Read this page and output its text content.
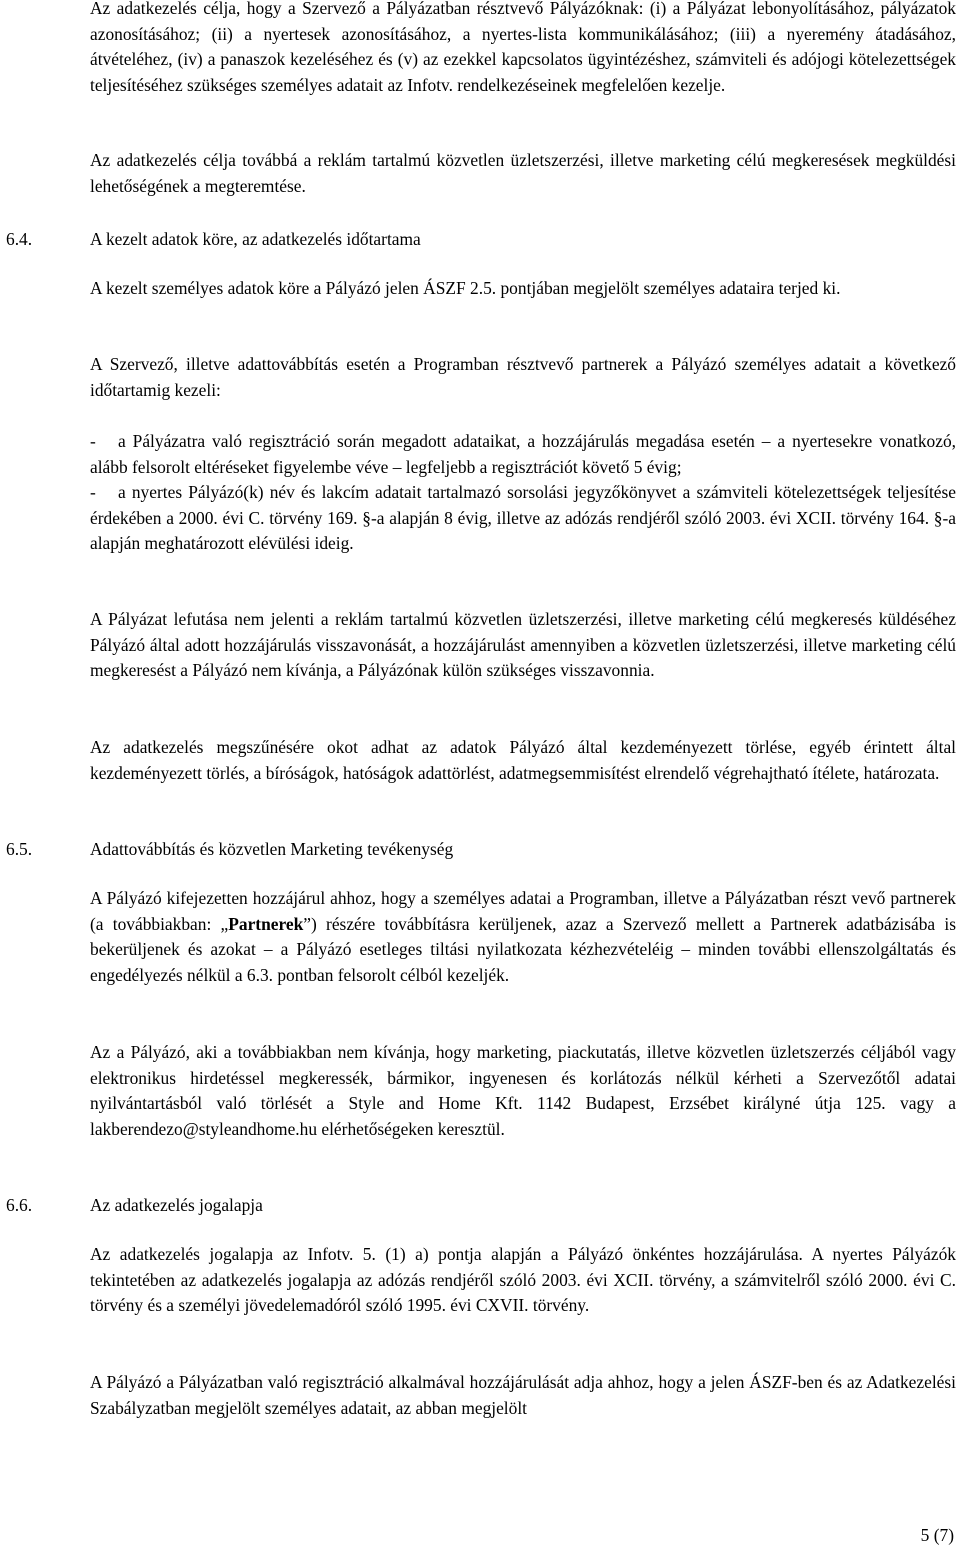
Az adatkezelés célja, hogy a Szervező a Pályázatban résztvevő Pályázóknak: (i) a Pályázat lebonyolításához, pályázatok azonosításához; (ii) a nyertesek azonosításához, a nyertes-lista kommunikálásához; (iii) a nyeremény átadásához, átvételéhez, (iv) a panaszok kezeléséhez és (v) az ezekkel kapcsolatos ügyintézéshez, számviteli és adójogi kötelezettségek teljesítéséhez szükséges személyes adatait az Infotv. rendelkezéseinek megfelelően kezelje.

Az adatkezelés célja továbbá a reklám tartalmú közvetlen üzletszerzési, illetve marketing célú megkeresések megküldési lehetőségének a megteremtése.

6.4.	A kezelt adatok köre, az adatkezelés időtartama

A kezelt személyes adatok köre a Pályázó jelen ÁSZF 2.5. pontjában megjelölt személyes adataira terjed ki.

A Szervező, illetve adattovábbítás esetén a Programban résztvevő partnerek a Pályázó személyes adatait a következő időtartamig kezeli:

- a Pályázatra való regisztráció során megadott adataikat, a hozzájárulás megadása esetén – a nyertesekre vonatkozó, alább felsorolt eltéréseket figyelembe véve – legfeljebb a regisztrációt követő 5 évig;
- a nyertes Pályázó(k) név és lakcím adatait tartalmazó sorsolási jegyzőkönyvet a számviteli kötelezettségek teljesítése érdekében a 2000. évi C. törvény 169. §-a alapján 8 évig, illetve az adózás rendjéről szóló 2003. évi XCII. törvény 164. §-a alapján meghatározott elévülési ideig.

A Pályázat lefutása nem jelenti a reklám tartalmú közvetlen üzletszerzési, illetve marketing célú megkeresés küldéséhez Pályázó által adott hozzájárulás visszavonását, a hozzájárulást amennyiben a közvetlen üzletszerzési, illetve marketing célú megkeresést a Pályázó nem kívánja, a Pályázónak külön szükséges visszavonnia.

Az adatkezelés megszűnésére okot adhat az adatok Pályázó által kezdeményezett törlése, egyéb érintett által kezdeményezett törlés, a bíróságok, hatóságok adattörlést, adatmegsemmisítést elrendelő végrehajtható ítélete, határozata.

6.5.	Adattovábbítás és közvetlen Marketing tevékenység

A Pályázó kifejezetten hozzájárul ahhoz, hogy a személyes adatai a Programban, illetve a Pályázatban részt vevő partnerek (a továbbiakban: „Partnerek”) részére továbbításra kerüljenek, azaz a Szervező mellett a Partnerek adatbázisába is bekerüljenek és azokat – a Pályázó esetleges tiltási nyilatkozata kézhezvételéig – minden további ellenszolgáltatás és engedélyezés nélkül a 6.3. pontban felsorolt célból kezeljék.

Az a Pályázó, aki a továbbiakban nem kívánja, hogy marketing, piackutatás, illetve közvetlen üzletszerzés céljából vagy elektronikus hirdetéssel megkeressék, bármikor, ingyenesen és korlátozás nélkül kérheti a Szervezőtől adatai nyilvántartásból való törlését a Style and Home Kft. 1142 Budapest, Erzsébet királyné útja 125. vagy a lakberendezo@styleandhome.hu elérhetőségeken keresztül.

6.6.	Az adatkezelés jogalapja

Az adatkezelés jogalapja az Infotv. 5. (1) a) pontja alapján a Pályázó önkéntes hozzájárulása. A nyertes Pályázók tekintetében az adatkezelés jogalapja az adózás rendjéről szóló 2003. évi XCII. törvény, a számvitelről szóló 2000. évi C. törvény és a személyi jövedelemadóról szóló 1995. évi CXVII. törvény.

A Pályázó a Pályázatban való regisztráció alkalmával hozzájárulását adja ahhoz, hogy a jelen ÁSZF-ben és az Adatkezelési Szabályzatban megjelölt személyes adatait, az abban megjelölt

5 (7)
